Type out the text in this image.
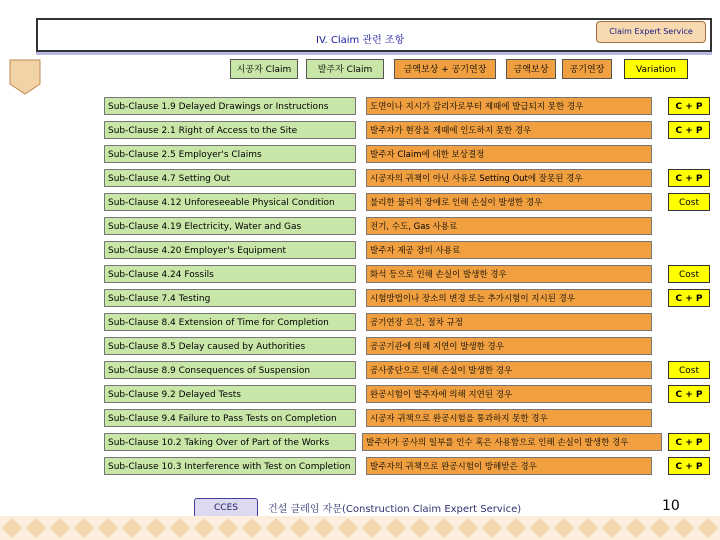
IV. Claim 관련 조항
Claim Expert Service
시공자 Claim	발주자 Claim	금액보상 + 공기연장	금액보상	공기연장	Variation
Sub-Clause 1.9 Delayed Drawings or Instructions	도면이나 지시가 감리자로부터 제때에 발급되지 못한 경우	C + P
Sub-Clause 2.1 Right of Access to the Site	발주자가 현장을 제때에 인도하지 못한 경우	C + P
Sub-Clause 2.5 Employer's Claims	발주자 Claim에 대한 보상결정
Sub-Clause 4.7 Setting Out	시공자의 귀책이 아닌 사유로 Setting Out에 잘못된 경우	C + P
Sub-Clause 4.12 Unforeseeable Physical Condition	불리한 물리적 장애로 인해 손실이 발생한 경우	Cost
Sub-Clause 4.19 Electricity, Water and Gas	전기, 수도, Gas 사용료
Sub-Clause 4.20 Employer's Equipment	발주자 제공 장비 사용료
Sub-Clause 4.24 Fossils	화석 등으로 인해 손실이 발생한 경우	Cost
Sub-Clause 7.4 Testing	시험방법이나 장소의 변경 또는 추가시험이 지시된 경우	C + P
Sub-Clause 8.4 Extension of Time for Completion	공기연장 요건, 절차 규정
Sub-Clause 8.5 Delay caused by Authorities	공공기관에 의해 지연이 발생한 경우
Sub-Clause 8.9 Consequences of Suspension	공사중단으로 인해 손실이 발생한 경우	Cost
Sub-Clause 9.2 Delayed Tests	완공시험이 발주자에 의해 지연된 경우	C + P
Sub-Clause 9.4 Failure to Pass Tests on Completion	시공자 귀책으로 완공시험을 통과하지 못한 경우
Sub-Clause 10.2 Taking Over of Part of the Works	발주자가 공사의 일부를 인수 혹은 사용함으로 인해 손실이 발생한 경우	C + P
Sub-Clause 10.3 Interference with Test on Completion	발주자의 귀책으로 완공시험이 방해받은 경우	C + P
CCES	건설 클레임 자문(Construction Claim Expert Service)	10
